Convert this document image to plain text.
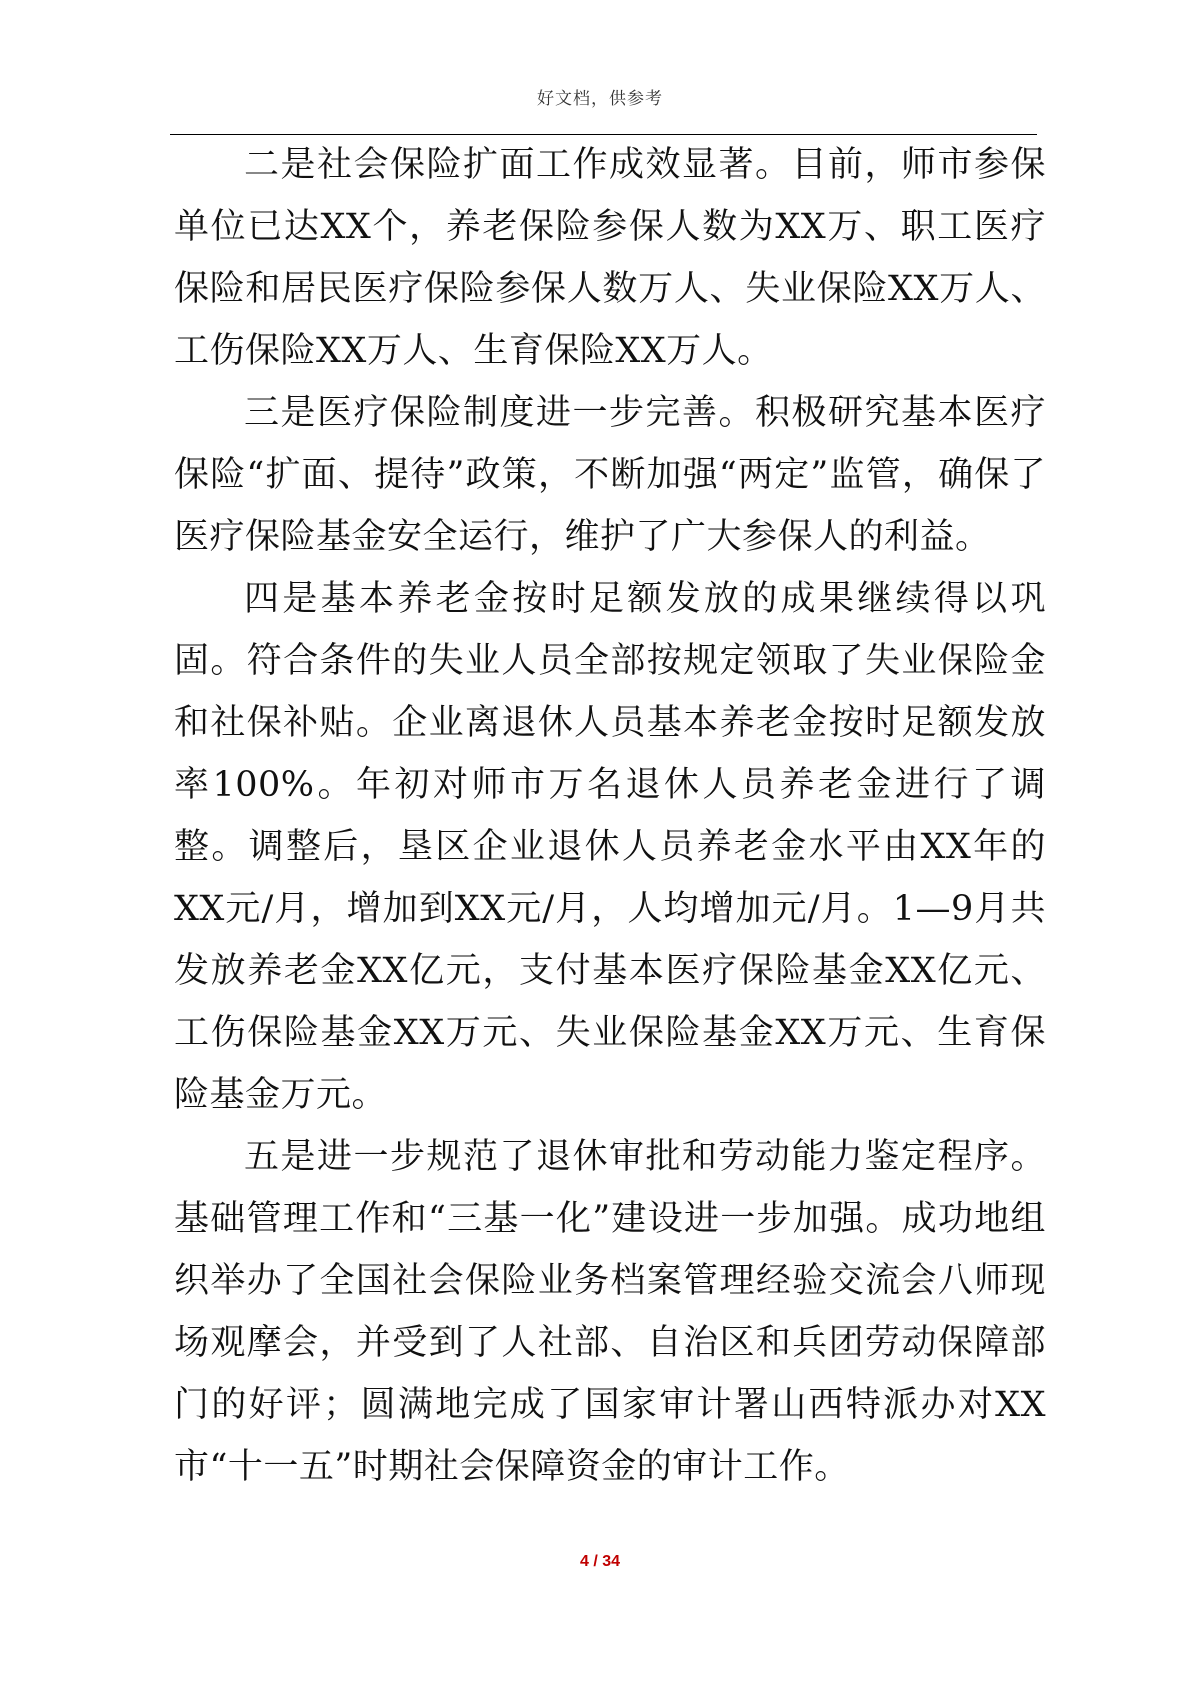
好文档，供参考

二是社会保险扩面工作成效显著。目前，师市参保单位已达XX个，养老保险参保人数为XX万、职工医疗保险和居民医疗保险参保人数万人、失业保险XX万人、工伤保险XX万人、生育保险XX万人。

三是医疗保险制度进一步完善。积极研究基本医疗保险“扩面、提待”政策，不断加强“两定”监管，确保了医疗保险基金安全运行，维护了广大参保人的利益。

四是基本养老金按时足额发放的成果继续得以巩固。符合条件的失业人员全部按规定领取了失业保险金和社保补贴。企业离退休人员基本养老金按时足额发放率100%。年初对师市万名退休人员养老金进行了调整。调整后，垦区企业退休人员养老金水平由XX年的XX元/月，增加到XX元/月，人均增加元/月。1—9月共发放养老金XX亿元，支付基本医疗保险基金XX亿元、工伤保险基金XX万元、失业保险基金XX万元、生育保险基金万元。

五是进一步规范了退休审批和劳动能力鉴定程序。基础管理工作和“三基一化”建设进一步加强。成功地组织举办了全国社会保险业务档案管理经验交流会八师现场观摩会，并受到了人社部、自治区和兵团劳动保障部门的好评；圆满地完成了国家审计署山西特派办对XX市“十一五”时期社会保障资金的审计工作。

4 / 34
